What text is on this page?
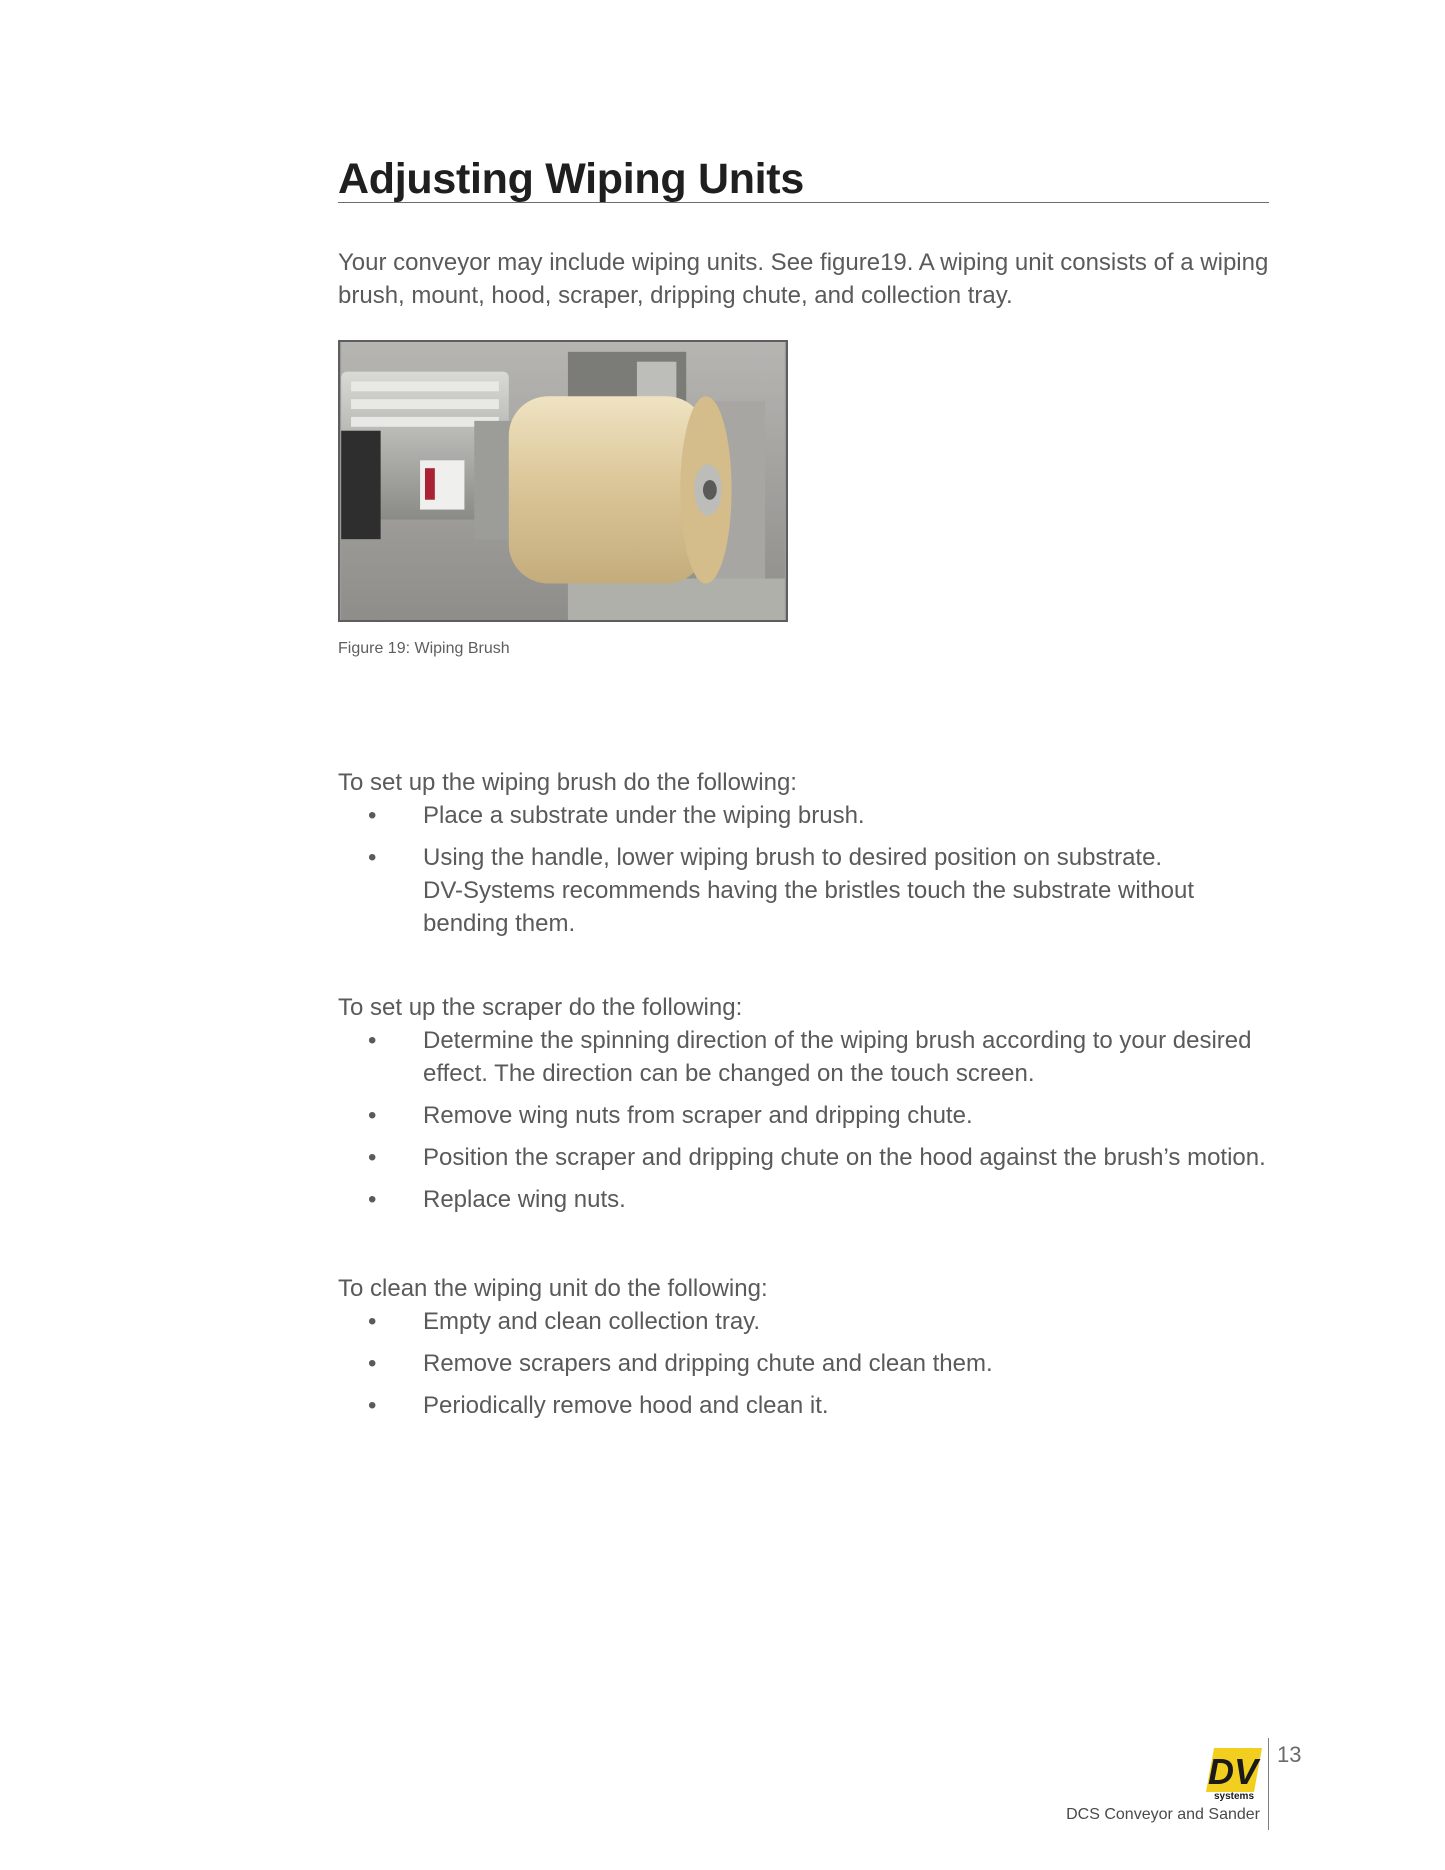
Adjusting Wiping Units

Your conveyor may include wiping units. See figure19. A wiping unit consists of a wiping brush, mount, hood, scraper, dripping chute, and collection tray.

Figure 19: Wiping Brush

To set up the wiping brush do the following:

• Place a substrate under the wiping brush.
• Using the handle, lower wiping brush to desired position on substrate. DV-Systems recommends having the bristles touch the substrate without bending them.

To set up the scraper do the following:

• Determine the spinning direction of the wiping brush according to your desired effect. The direction can be changed on the touch screen.
• Remove wing nuts from scraper and dripping chute.
• Position the scraper and dripping chute on the hood against the brush’s motion.
• Replace wing nuts.

To clean the wiping unit do the following:

• Empty and clean collection tray.
• Remove scrapers and dripping chute and clean them.
• Periodically remove hood and clean it.
DV
systems
13
DCS Conveyor and Sander
